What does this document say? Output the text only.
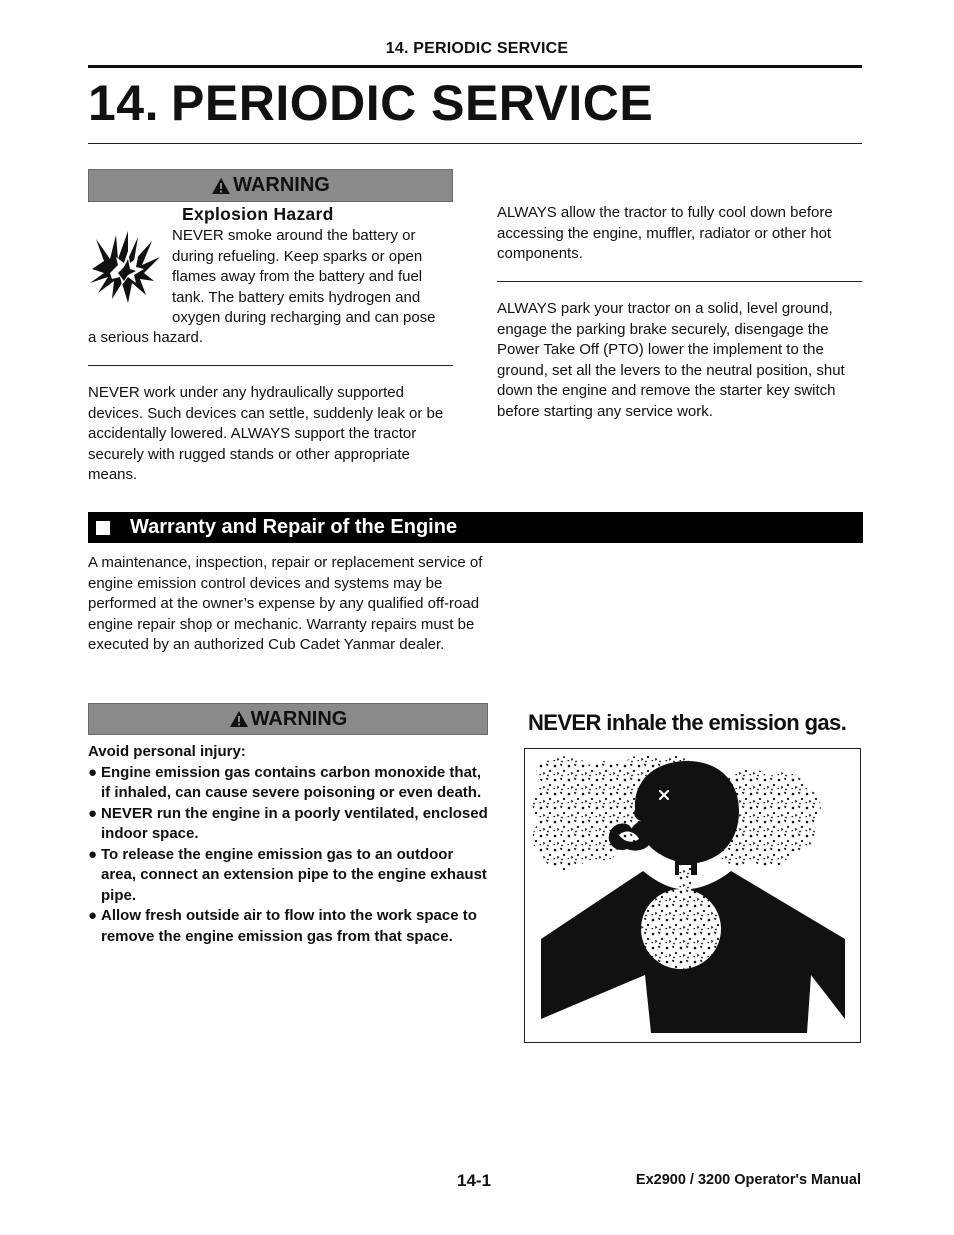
14. PERIODIC SERVICE
14. PERIODIC SERVICE
WARNING
Explosion Hazard
NEVER smoke around the battery or
during refueling. Keep sparks or open
flames away from the battery and fuel
tank. The battery emits hydrogen and
oxygen during recharging and can pose
a serious hazard.
NEVER work under any hydraulically supported devices. Such devices can settle, suddenly leak or be accidentally lowered. ALWAYS support the tractor securely with rugged stands or other appropriate means.
ALWAYS allow the tractor to fully cool down before accessing the engine, muffler, radiator or other hot components.
ALWAYS park your tractor on a solid, level ground, engage the parking brake securely, disengage the Power Take Off (PTO) lower the implement to the ground, set all the levers to the neutral position, shut down the engine and remove the starter key switch before starting any service work.
Warranty and Repair of the Engine
A maintenance, inspection, repair or replacement service of engine emission control devices and systems may be performed at the owner’s expense by any qualified off-road engine repair shop or mechanic. Warranty repairs must be executed by an authorized Cub Cadet Yanmar dealer.
WARNING
Avoid personal injury:
● Engine emission gas contains carbon monoxide that, if inhaled, can cause severe poisoning or even death.
● NEVER run the engine in a poorly ventilated, enclosed indoor space.
● To release the engine emission gas to an outdoor area, connect an extension pipe to the engine exhaust pipe.
● Allow fresh outside air to flow into the work space to remove the engine emission gas from that space.
NEVER inhale the emission gas.
14-1	Ex2900 / 3200 Operator's Manual
